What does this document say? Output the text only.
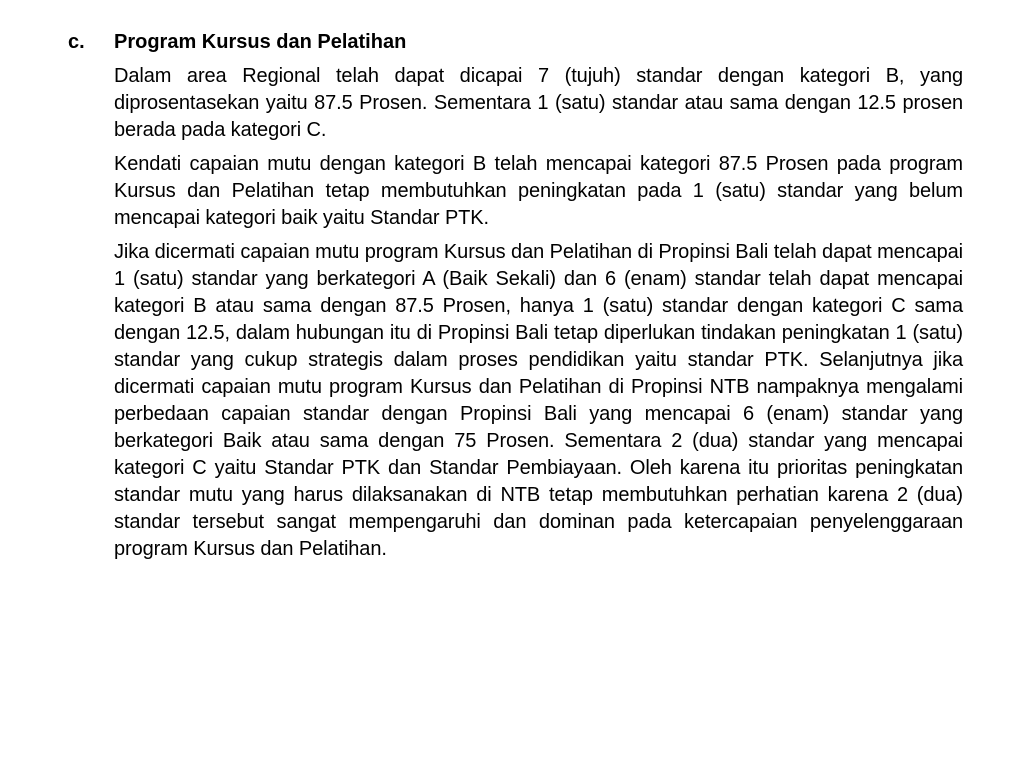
c. Program Kursus dan Pelatihan

Dalam area Regional telah dapat dicapai 7 (tujuh) standar dengan kategori B, yang diprosentasekan yaitu 87.5 Prosen. Sementara 1 (satu) standar atau sama dengan 12.5 prosen berada pada kategori C.

Kendati capaian mutu dengan kategori B telah mencapai kategori 87.5 Prosen pada program Kursus dan Pelatihan tetap membutuhkan peningkatan pada 1 (satu) standar yang belum mencapai kategori baik yaitu Standar PTK.

Jika dicermati capaian mutu program Kursus dan Pelatihan di Propinsi Bali telah dapat mencapai 1 (satu) standar yang berkategori A (Baik Sekali) dan 6 (enam) standar telah dapat mencapai kategori B atau sama dengan 87.5 Prosen, hanya 1 (satu) standar dengan kategori C sama dengan 12.5, dalam hubungan itu di Propinsi Bali tetap diperlukan tindakan peningkatan 1 (satu) standar yang cukup strategis dalam proses pendidikan yaitu standar PTK. Selanjutnya jika dicermati capaian mutu program Kursus dan Pelatihan di Propinsi NTB nampaknya mengalami perbedaan capaian standar dengan Propinsi Bali yang mencapai 6 (enam) standar yang berkategori Baik atau sama dengan 75 Prosen. Sementara 2 (dua) standar yang mencapai kategori C yaitu Standar PTK dan Standar Pembiayaan. Oleh karena itu prioritas peningkatan standar mutu yang harus dilaksanakan di NTB tetap membutuhkan perhatian karena 2 (dua) standar tersebut sangat mempengaruhi dan dominan pada ketercapaian penyelenggaraan program Kursus dan Pelatihan.
